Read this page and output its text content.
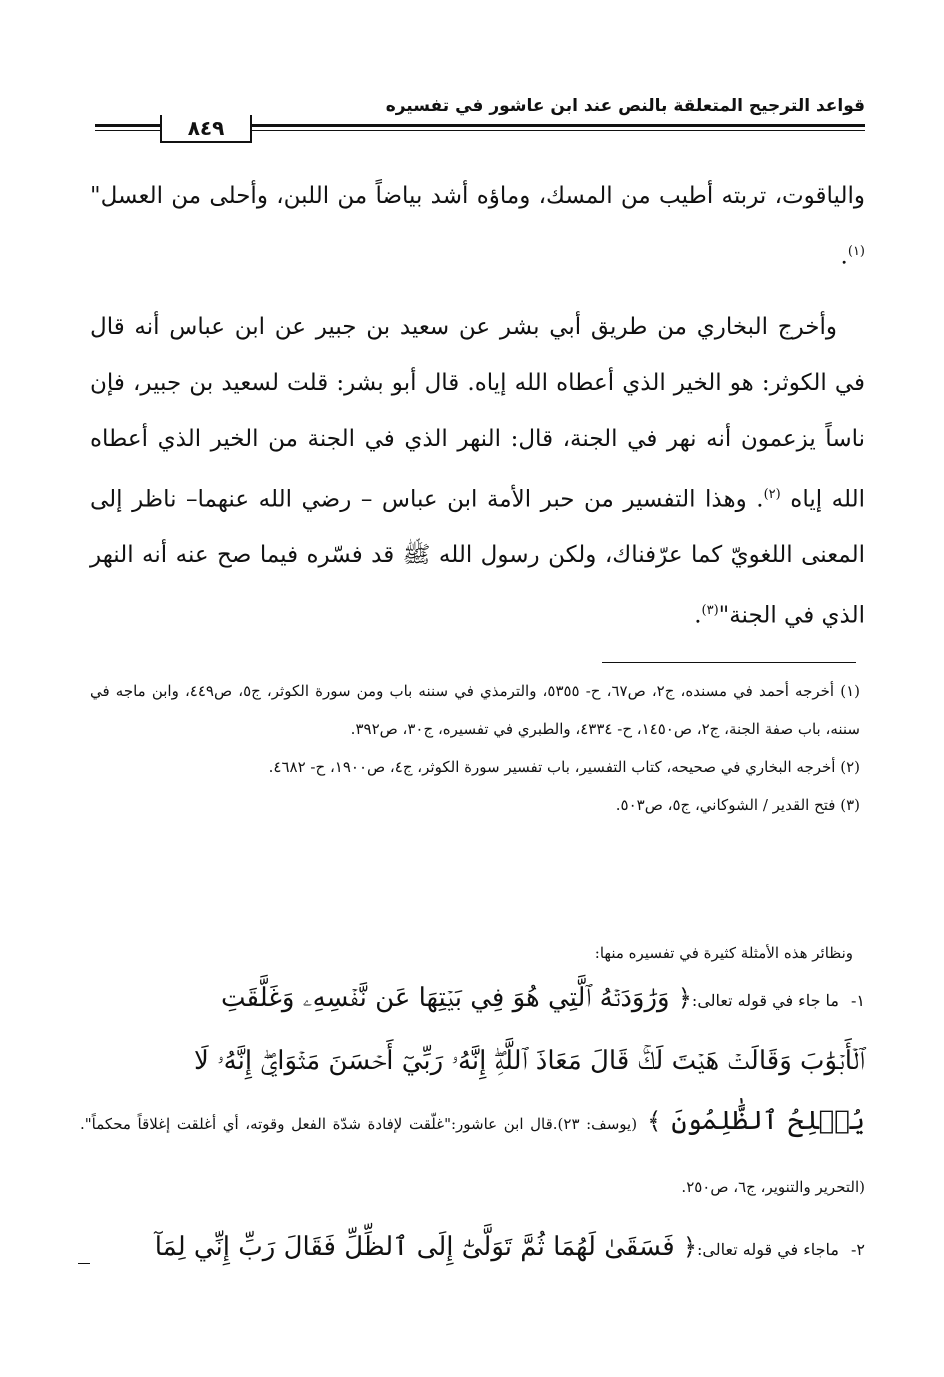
قواعد الترجيح المتعلقة بالنص عند ابن عاشور في تفسيره
٨٤٩

والياقوت، تربته أطيب من المسك، وماؤه أشد بياضاً من اللبن، وأحلى من العسل"$^{(١)}$.

وأخرج البخاري من طريق أبي بشر عن سعيد بن جبير عن ابن عباس أنه قال في الكوثر: هو الخير الذي أعطاه الله إياه. قال أبو بشر: قلت لسعيد بن جبير، فإن ناساً يزعمون أنه نهر في الجنة، قال: النهر الذي في الجنة من الخير الذي أعطاه الله إياه $^{(٢)}$. وهذا التفسير من حبر الأمة ابن عباس – رضي الله عنهما– ناظر إلى المعنى اللغويّ كما عرّفناك، ولكن رسول الله ﷺ قد فسّره فيما صح عنه أنه النهر الذي في الجنة"$^{(٣)}$.

(١) أخرجه أحمد في مسنده، ج٢، ص٦٧، ح- ٥٣٥٥، والترمذي في سننه باب ومن سورة الكوثر، ج٥، ص٤٤٩، وابن ماجه في سننه، باب صفة الجنة، ج٢، ص١٤٥٠، ح- ٤٣٣٤، والطبري في تفسيره، ج٣٠، ص٣٩٢.

(٢) أخرجه البخاري في صحيحه، كتاب التفسير، باب تفسير سورة الكوثر، ج٤، ص١٩٠٠، ح- ٤٦٨٢.

(٣) فتح القدير / الشوكاني، ج٥، ص٥٠٣.

ونظائر هذه الأمثلة كثيرة في تفسيره منها:

١-ما جاء في قوله تعالى:﴿ وَرَٰوَدَتۡهُ ٱلَّتِي هُوَ فِي بَيۡتِهَا عَن نَّفۡسِهِۦ وَغَلَّقَتِ
ٱلۡأَبۡوَٰبَ وَقَالَتۡ هَيۡتَ لَكَۚ قَالَ مَعَاذَ ٱللَّهِۖ إِنَّهُۥ رَبِّيٓ أَحۡسَنَ مَثۡوَايَۖ إِنَّهُۥ لَا
يُفۡلِحُ ٱلظَّٰلِمُونَ ﴾ (يوسف: ٢٣).قال ابن عاشور:"غلّقت لإفادة شدّة الفعل وقوته، أي أغلقت إغلاقاً محكماً". (التحرير والتنوير، ج٦، ص٢٥٠.

٢-ماجاء في قوله تعالى:﴿ فَسَقَىٰ لَهُمَا ثُمَّ تَوَلَّىٰٓ إِلَى ٱلظِّلِّ فَقَالَ رَبِّ إِنِّي لِمَآ
